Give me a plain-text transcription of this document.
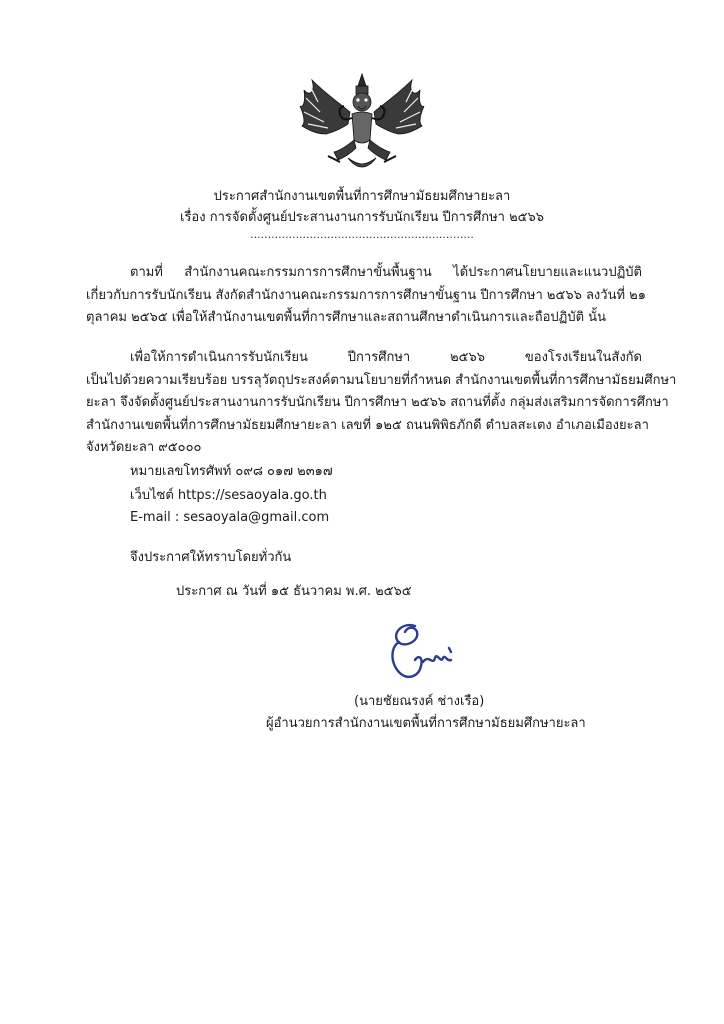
ประกาศสำนักงานเขตพื้นที่การศึกษามัธยมศึกษายะลา
เรื่อง การจัดตั้งศูนย์ประสานงานการรับนักเรียน ปีการศึกษา ๒๕๖๖
................................................................
ตามที่ สำนักงานคณะกรรมการการศึกษาขั้นพื้นฐาน ได้ประกาศนโยบายและแนวปฏิบัติ
เกี่ยวกับการรับนักเรียน สังกัดสำนักงานคณะกรรมการการศึกษาขั้นฐาน ปีการศึกษา ๒๕๖๖ ลงวันที่ ๒๑
ตุลาคม ๒๕๖๕ เพื่อให้สำนักงานเขตพื้นที่การศึกษาและสถานศึกษาดำเนินการและถือปฏิบัติ นั้น
เพื่อให้การดำเนินการรับนักเรียน ปีการศึกษา ๒๕๖๖ ของโรงเรียนในสังกัด
เป็นไปด้วยความเรียบร้อย บรรลุวัตถุประสงค์ตามนโยบายที่กำหนด สำนักงานเขตพื้นที่การศึกษามัธยมศึกษา
ยะลา จึงจัดตั้งศูนย์ประสานงานการรับนักเรียน ปีการศึกษา ๒๕๖๖ สถานที่ตั้ง กลุ่มส่งเสริมการจัดการศึกษา
สำนักงานเขตพื้นที่การศึกษามัธยมศึกษายะลา เลขที่ ๑๒๕ ถนนพิพิธภักดี ตำบลสะเตง อำเภอเมืองยะลา
จังหวัดยะลา ๙๕๐๐๐
หมายเลขโทรศัพท์ ๐๙๘ ๐๑๗ ๒๓๑๗
เว็บไซต์ https://sesaoyala.go.th
E-mail : sesaoyala@gmail.com
จึงประกาศให้ทราบโดยทั่วกัน
ประกาศ ณ วันที่ ๑๕ ธันวาคม พ.ศ. ๒๕๖๕
(นายชัยณรงค์ ช่างเรือ)
ผู้อำนวยการสำนักงานเขตพื้นที่การศึกษามัธยมศึกษายะลา
